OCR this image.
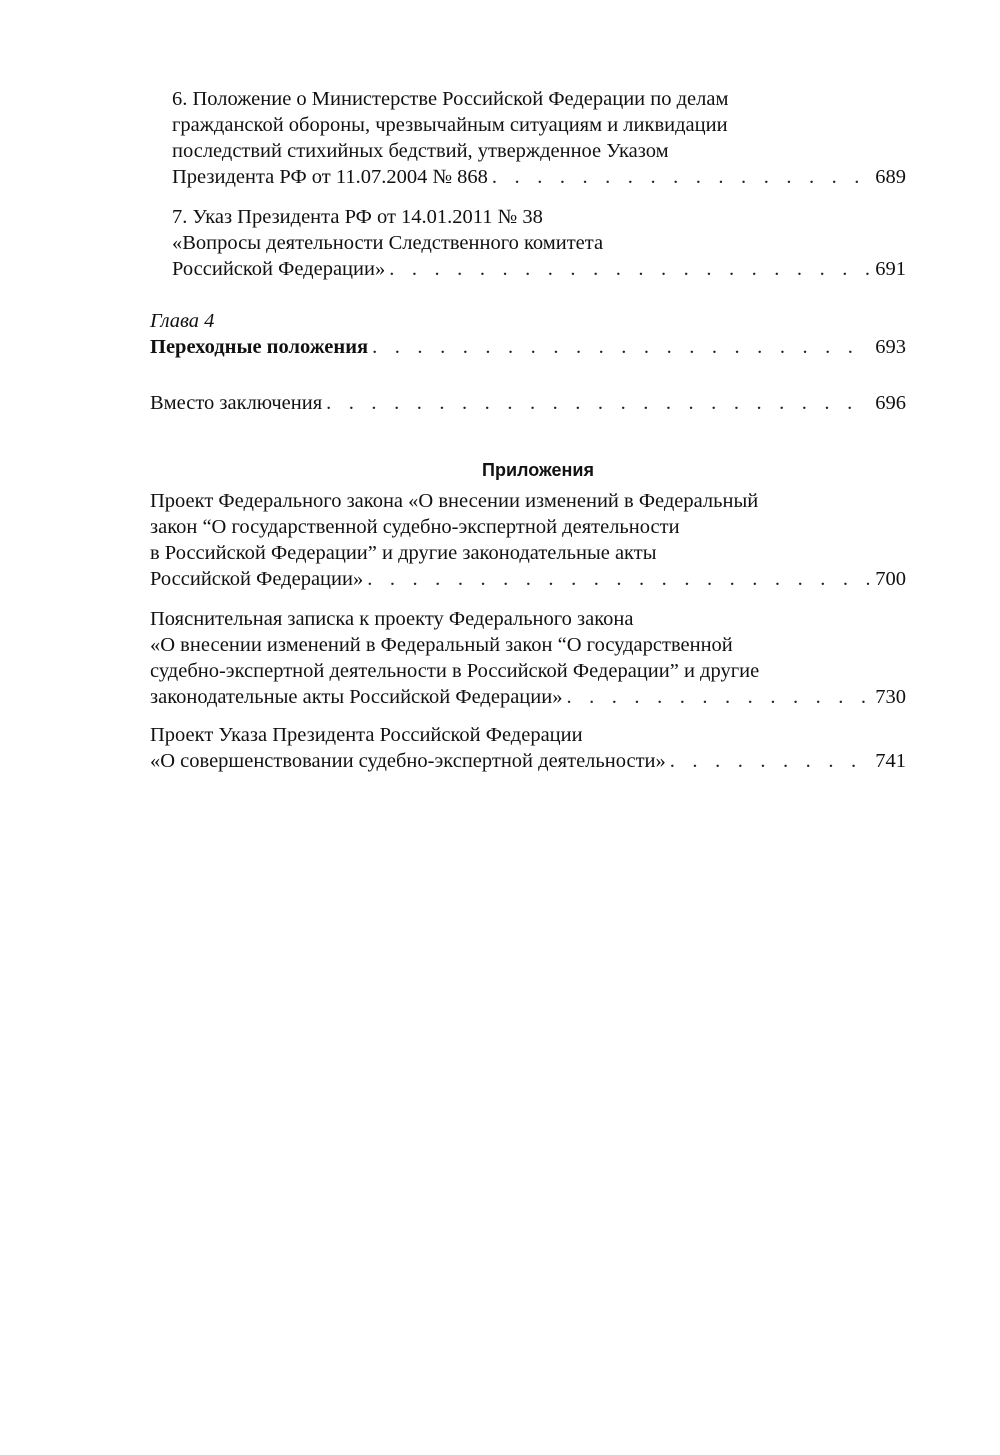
6. Положение о Министерстве Российской Федерации по делам
гражданской обороны, чрезвычайным ситуациям и ликвидации
последствий стихийных бедствий, утвержденное Указом
Президента РФ от 11.07.2004 № 868 . . .	689
7. Указ Президента РФ от 14.01.2011 № 38
«Вопросы деятельности Следственного комитета
Российской Федерации» . . .	691
Глава 4
Переходные положения . . .	693
Вместо заключения . . .	696
Приложения
Проект Федерального закона «О внесении изменений в Федеральный
закон “О государственной судебно-экспертной деятельности
в Российской Федерации” и другие законодательные акты
Российской Федерации» . . .	700
Пояснительная записка к проекту Федерального закона
«О внесении изменений в Федеральный закон “О государственной
судебно-экспертной деятельности в Российской Федерации” и другие
законодательные акты Российской Федерации» . . .	730
Проект Указа Президента Российской Федерации
«О совершенствовании судебно-экспертной деятельности» . . .	741
